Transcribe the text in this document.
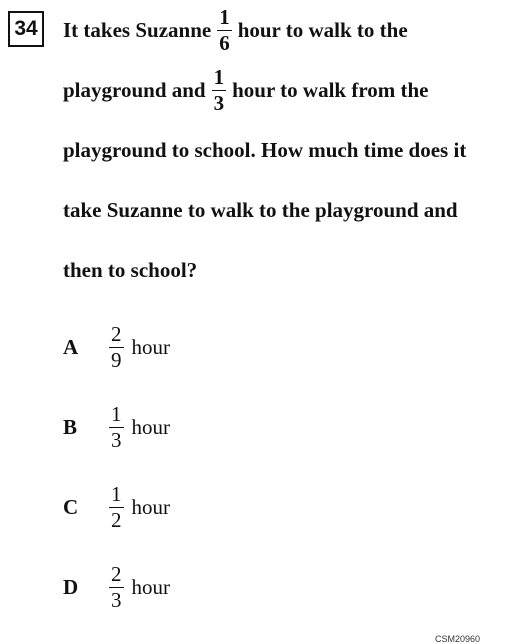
34	It takes Suzanne $\frac{1}{6}$ hour to walk to the
playground and $\frac{1}{3}$ hour to walk from the
playground to school. How much time does it
take Suzanne to walk to the playground and
then to school?
A	$\frac{2}{9}$ hour
B	$\frac{1}{3}$ hour
C	$\frac{1}{2}$ hour
D	$\frac{2}{3}$ hour
CSM20960
